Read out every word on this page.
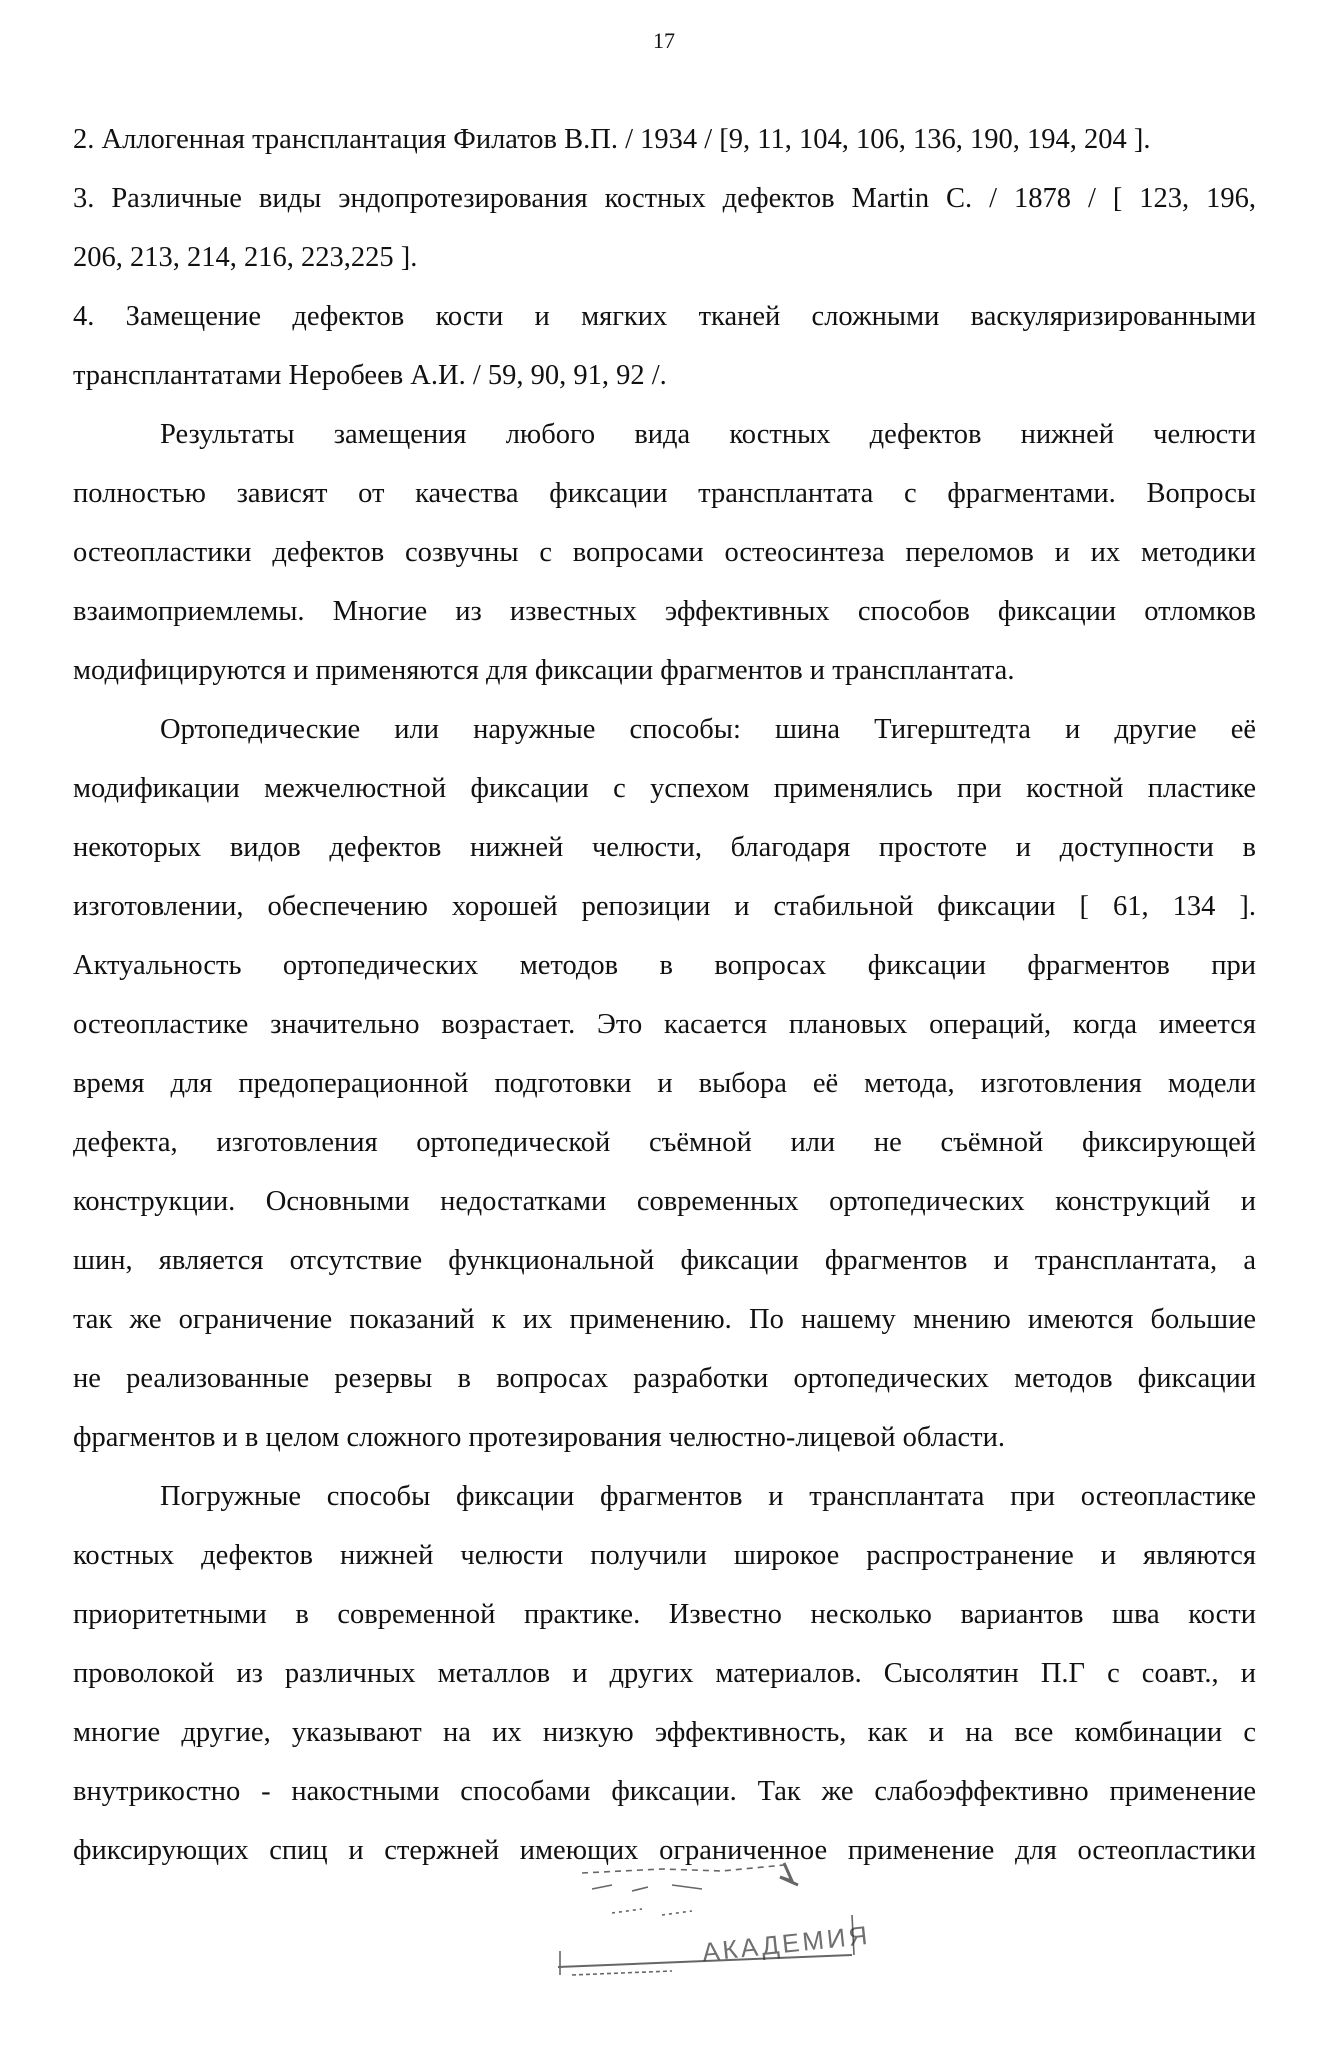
17
2. Аллогенная трансплантация Филатов В.П. / 1934 / [9, 11, 104, 106, 136, 190, 194, 204 ].
3. Различные виды эндопротезирования костных дефектов Martin C. / 1878 / [ 123, 196,
206, 213, 214, 216, 223,225 ].
4. Замещение дефектов кости и мягких тканей сложными васкуляризированными
трансплантатами Неробеев А.И. / 59, 90, 91, 92 /.
Результаты замещения любого вида костных дефектов нижней челюсти
полностью зависят от качества фиксации трансплантата с фрагментами. Вопросы
остеопластики дефектов созвучны с вопросами остеосинтеза переломов и их методики
взаимоприемлемы. Многие из известных эффективных способов фиксации отломков
модифицируются и применяются для фиксации фрагментов и трансплантата.
Ортопедические или наружные способы: шина Тигерштедта и другие её
модификации межчелюстной фиксации с успехом применялись при костной пластике
некоторых видов дефектов нижней челюсти, благодаря простоте и доступности в
изготовлении, обеспечению хорошей репозиции и стабильной фиксации [ 61, 134 ].
Актуальность ортопедических методов в вопросах фиксации фрагментов при
остеопластике значительно возрастает. Это касается плановых операций, когда имеется
время для предоперационной подготовки и выбора её метода, изготовления модели
дефекта, изготовления ортопедической съёмной или не съёмной фиксирующей
конструкции. Основными недостатками современных ортопедических конструкций и
шин, является отсутствие функциональной фиксации фрагментов и трансплантата, а
так же ограничение показаний к их применению. По нашему мнению имеются большие
не реализованные резервы в вопросах разработки ортопедических методов фиксации
фрагментов и в целом сложного протезирования челюстно-лицевой области.
Погружные способы фиксации фрагментов и трансплантата при остеопластике
костных дефектов нижней челюсти получили широкое распространение и являются
приоритетными в современной практике. Известно несколько вариантов шва кости
проволокой из различных металлов и других материалов. Сысолятин П.Г с соавт., и
многие другие, указывают на их низкую эффективность, как и на все комбинации с
внутрикостно - накостными способами фиксации. Так же слабоэффективно применение
фиксирующих спиц и стержней имеющих ограниченное применение для остеопластики
АКАДЕМИЯ
